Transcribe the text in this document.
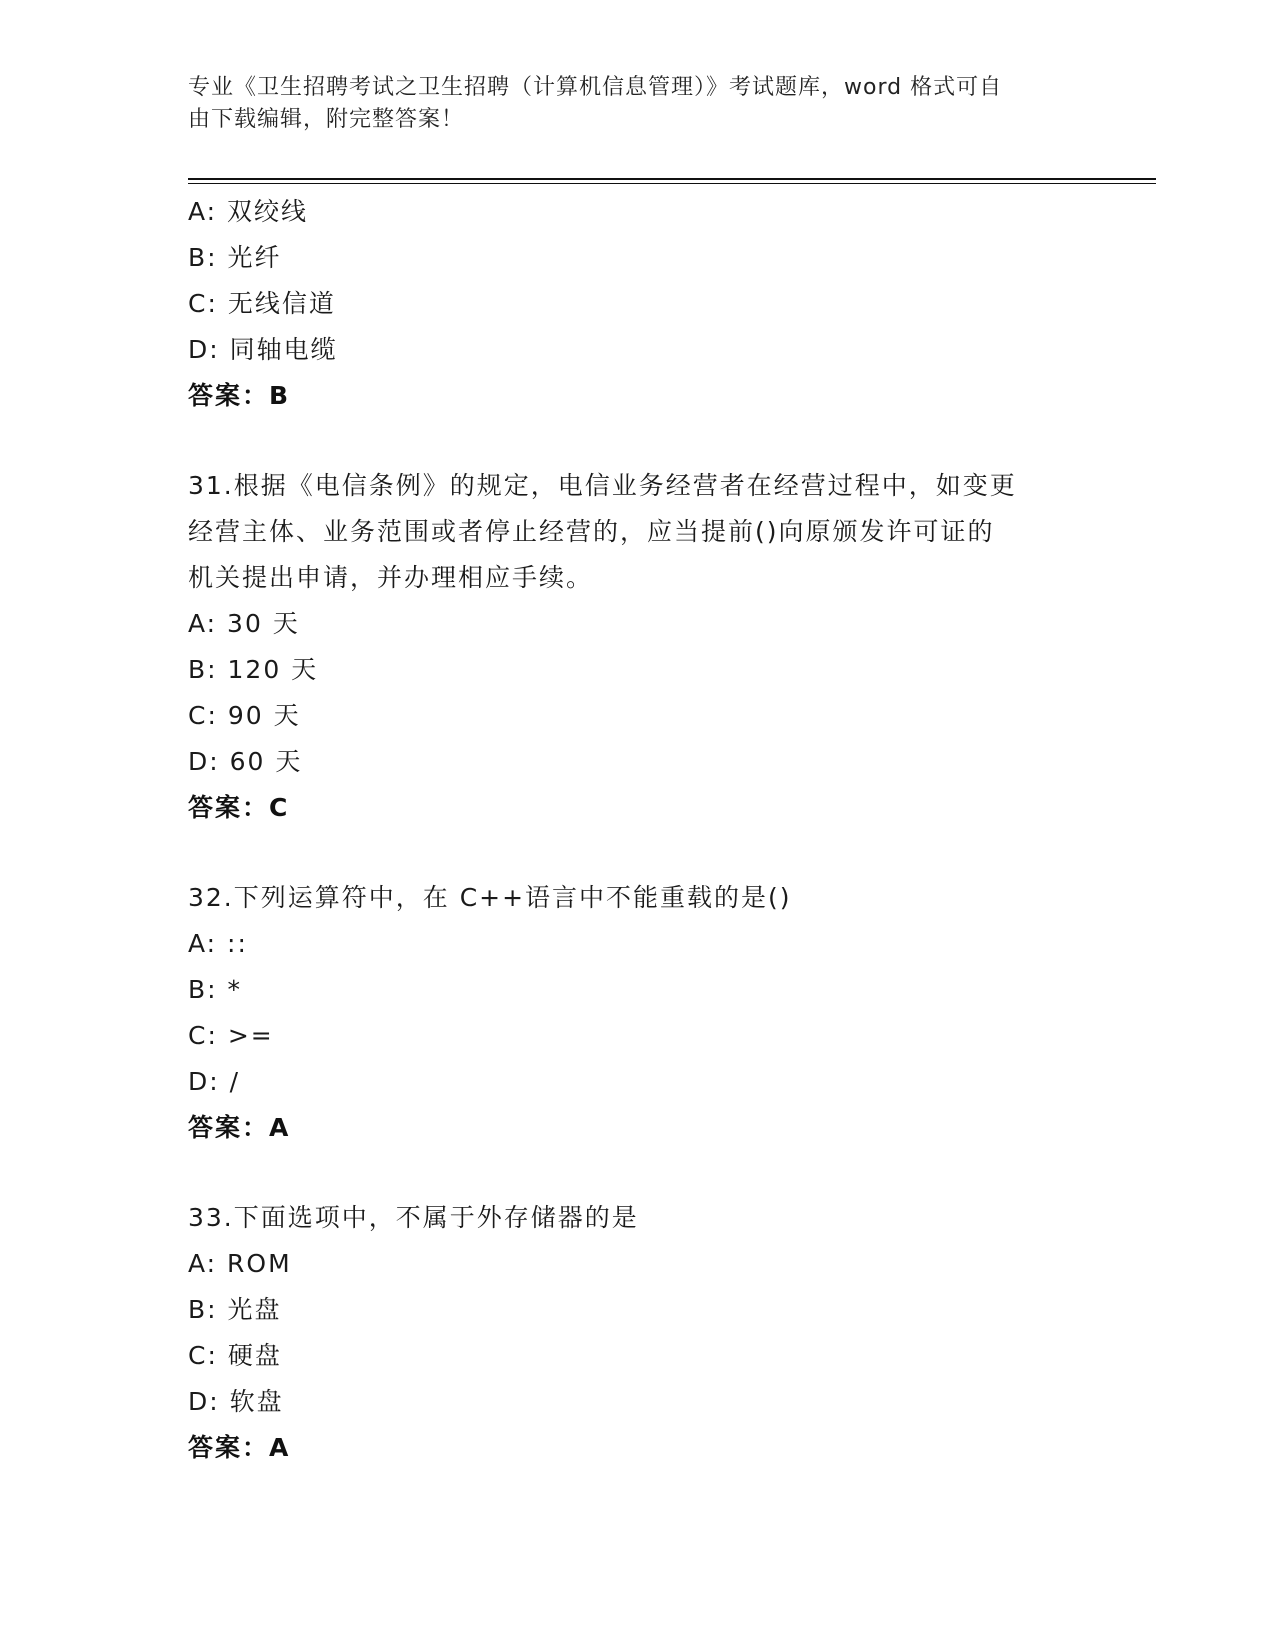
专业《卫生招聘考试之卫生招聘（计算机信息管理）》考试题库，word 格式可自
由下载编辑，附完整答案！
A: 双绞线
B: 光纤
C: 无线信道
D: 同轴电缆
答案：B
31.根据《电信条例》的规定，电信业务经营者在经营过程中，如变更
经营主体、业务范围或者停止经营的，应当提前()向原颁发许可证的
机关提出申请，并办理相应手续。
A: 30 天
B: 120 天
C: 90 天
D: 60 天
答案：C
32.下列运算符中，在 C++语言中不能重载的是()
A: ::
B: *
C: >=
D: /
答案：A
33.下面选项中，不属于外存储器的是
A: ROM
B: 光盘
C: 硬盘
D: 软盘
答案：A
